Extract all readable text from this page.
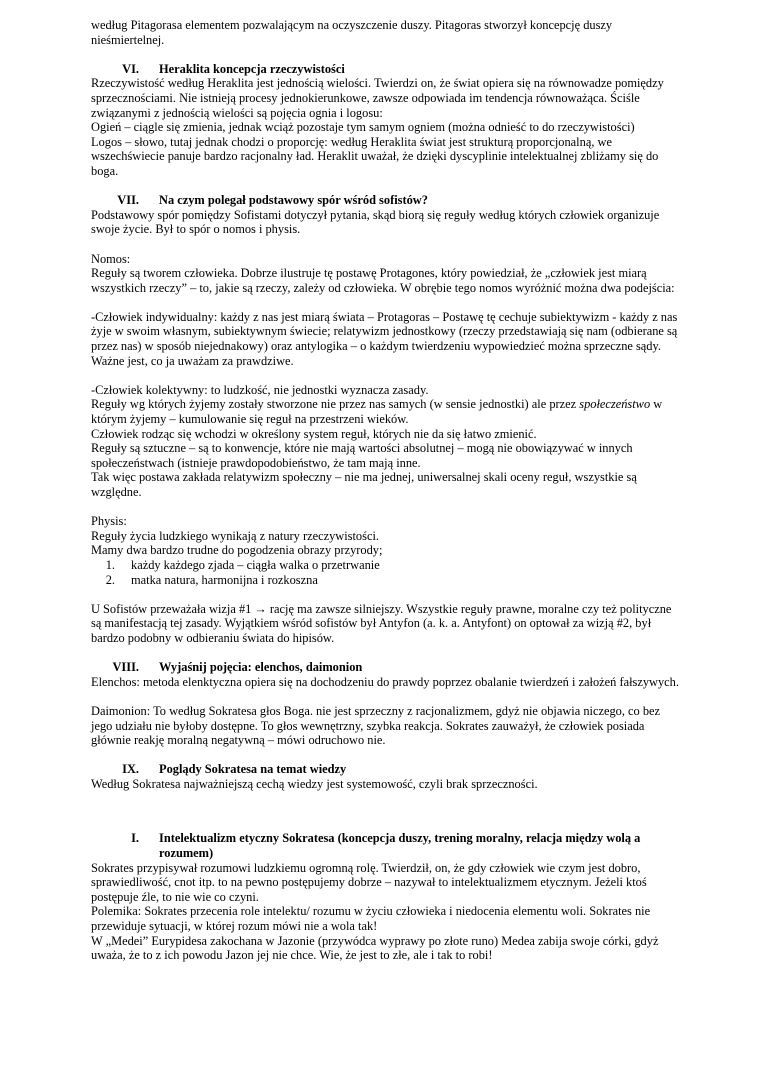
według Pitagorasa elementem pozwalającym na oczyszczenie duszy. Pitagoras stworzył koncepcję duszy nieśmiertelnej.

VI.	Heraklita koncepcja rzeczywistości

Rzeczywistość według Heraklita jest jednością wielości. Twierdzi on, że świat opiera się na równowadze pomiędzy sprzecznościami. Nie istnieją procesy jednokierunkowe, zawsze odpowiada im tendencja równoważąca. Ściśle związanymi z jednością wielości są pojęcia ognia i logosu:

Ogień – ciągle się zmienia, jednak wciąż pozostaje tym samym ogniem (można odnieść to do rzeczywistości)

Logos – słowo, tutaj jednak chodzi o proporcję: według Heraklita świat jest strukturą proporcjonalną, we wszechświecie panuje bardzo racjonalny ład. Heraklit uważał, że dzięki dyscyplinie intelektualnej zbliżamy się do boga.

VII.	Na czym polegał podstawowy spór wśród sofistów?

Podstawowy spór pomiędzy Sofistami dotyczył pytania, skąd biorą się reguły według których człowiek organizuje swoje życie. Był to spór o nomos i physis.

Nomos:

Reguły są tworem człowieka. Dobrze ilustruje tę postawę Protagones, który powiedział, że „człowiek jest miarą wszystkich rzeczy” – to, jakie są rzeczy, zależy od człowieka. W obrębie tego nomos wyróżnić można dwa podejścia:

-Człowiek indywidualny: każdy z nas jest miarą świata – Protagoras – Postawę tę cechuje subiektywizm - każdy z nas żyje w swoim własnym, subiektywnym świecie; relatywizm jednostkowy (rzeczy przedstawiają się nam (odbierane są przez nas) w sposób niejednakowy) oraz antylogika – o każdym twierdzeniu wypowiedzieć można sprzeczne sądy. Ważne jest, co ja uważam za prawdziwe.

-Człowiek kolektywny: to ludzkość, nie jednostki wyznacza zasady.

Reguły wg których żyjemy zostały stworzone nie przez nas samych (w sensie jednostki) ale przez społeczeństwo w którym żyjemy – kumulowanie się reguł na przestrzeni wieków.

Człowiek rodząc się wchodzi w określony system reguł, których nie da się łatwo zmienić.

Reguły są sztuczne – są to konwencje, które nie mają wartości absolutnej – mogą nie obowiązywać w innych społeczeństwach (istnieje prawdopodobieństwo, że tam mają inne.

Tak więc postawa zakłada relatywizm społeczny – nie ma jednej, uniwersalnej skali oceny reguł, wszystkie są względne.

Physis:

Reguły życia ludzkiego wynikają z natury rzeczywistości.

Mamy dwa bardzo trudne do pogodzenia obrazy przyrody;

1.	każdy każdego zjada – ciągła walka o przetrwanie
2.	matka natura, harmonijna i rozkoszna

U Sofistów przeważała wizja #1 → rację ma zawsze silniejszy. Wszystkie reguły prawne, moralne czy też polityczne są manifestacją tej zasady. Wyjątkiem wśród sofistów był Antyfon (a. k. a. Antyfont) on optował za wizją #2, był bardzo podobny w odbieraniu świata do hipisów.

VIII.	Wyjaśnij pojęcia: elenchos, daimonion

Elenchos: metoda elenktyczna opiera się na dochodzeniu do prawdy poprzez obalanie twierdzeń i założeń fałszywych.

Daimonion: To według Sokratesa głos Boga. nie jest sprzeczny z racjonalizmem, gdyż nie objawia niczego, co bez jego udziału nie byłoby dostępne. To głos wewnętrzny, szybka reakcja. Sokrates zauważył, że człowiek posiada głównie reakję moralną negatywną – mówi odruchowo nie.

IX.	Poglądy Sokratesa na temat wiedzy

Według Sokratesa najważniejszą cechą wiedzy jest systemowość, czyli brak sprzeczności.

I.	Intelektualizm etyczny Sokratesa (koncepcja duszy, trening moralny, relacja między wolą a rozumem)

Sokrates przypisywał rozumowi ludzkiemu ogromną rolę. Twierdził, on, że gdy człowiek wie czym jest dobro, sprawiedliwość, cnot itp. to na pewno postępujemy dobrze – nazywał to intelektualizmem etycznym. Jeżeli ktoś postępuje źle, to nie wie co czyni.

Polemika: Sokrates przecenia role intelektu/ rozumu w życiu człowieka i niedocenia elementu woli. Sokrates nie przewiduje sytuacji, w której rozum mówi nie a wola tak!

W „Medei” Eurypidesa zakochana w Jazonie (przywódca wyprawy po złote runo) Medea zabija swoje córki, gdyż uważa, że to z ich powodu Jazon jej nie chce. Wie, że jest to złe, ale i tak to robi!
